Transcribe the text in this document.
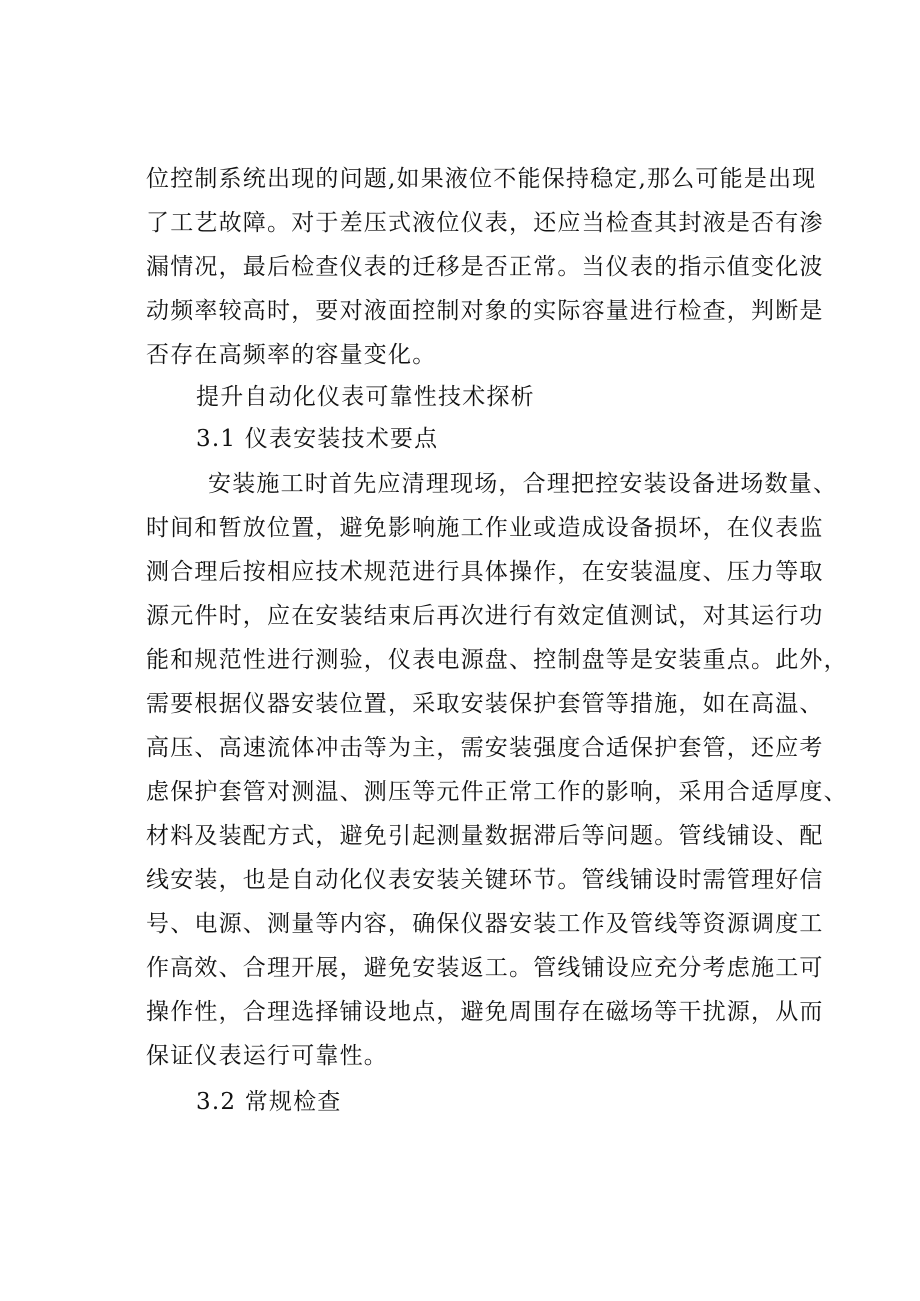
位控制系统出现的问题,如果液位不能保持稳定,那么可能是出现
了工艺故障。对于差压式液位仪表，还应当检查其封液是否有渗
漏情况，最后检查仪表的迁移是否正常。当仪表的指示值变化波
动频率较高时，要对液面控制对象的实际容量进行检查，判断是
否存在高频率的容量变化。
提升自动化仪表可靠性技术探析
3.1 仪表安装技术要点
安装施工时首先应清理现场，合理把控安装设备进场数量、
时间和暂放位置，避免影响施工作业或造成设备损坏，在仪表监
测合理后按相应技术规范进行具体操作，在安装温度、压力等取
源元件时，应在安装结束后再次进行有效定值测试，对其运行功
能和规范性进行测验，仪表电源盘、控制盘等是安装重点。此外，
需要根据仪器安装位置，采取安装保护套管等措施，如在高温、
高压、高速流体冲击等为主，需安装强度合适保护套管，还应考
虑保护套管对测温、测压等元件正常工作的影响，采用合适厚度、
材料及装配方式，避免引起测量数据滞后等问题。管线铺设、配
线安装，也是自动化仪表安装关键环节。管线铺设时需管理好信
号、电源、测量等内容，确保仪器安装工作及管线等资源调度工
作高效、合理开展，避免安装返工。管线铺设应充分考虑施工可
操作性，合理选择铺设地点，避免周围存在磁场等干扰源，从而
保证仪表运行可靠性。
3.2 常规检查
